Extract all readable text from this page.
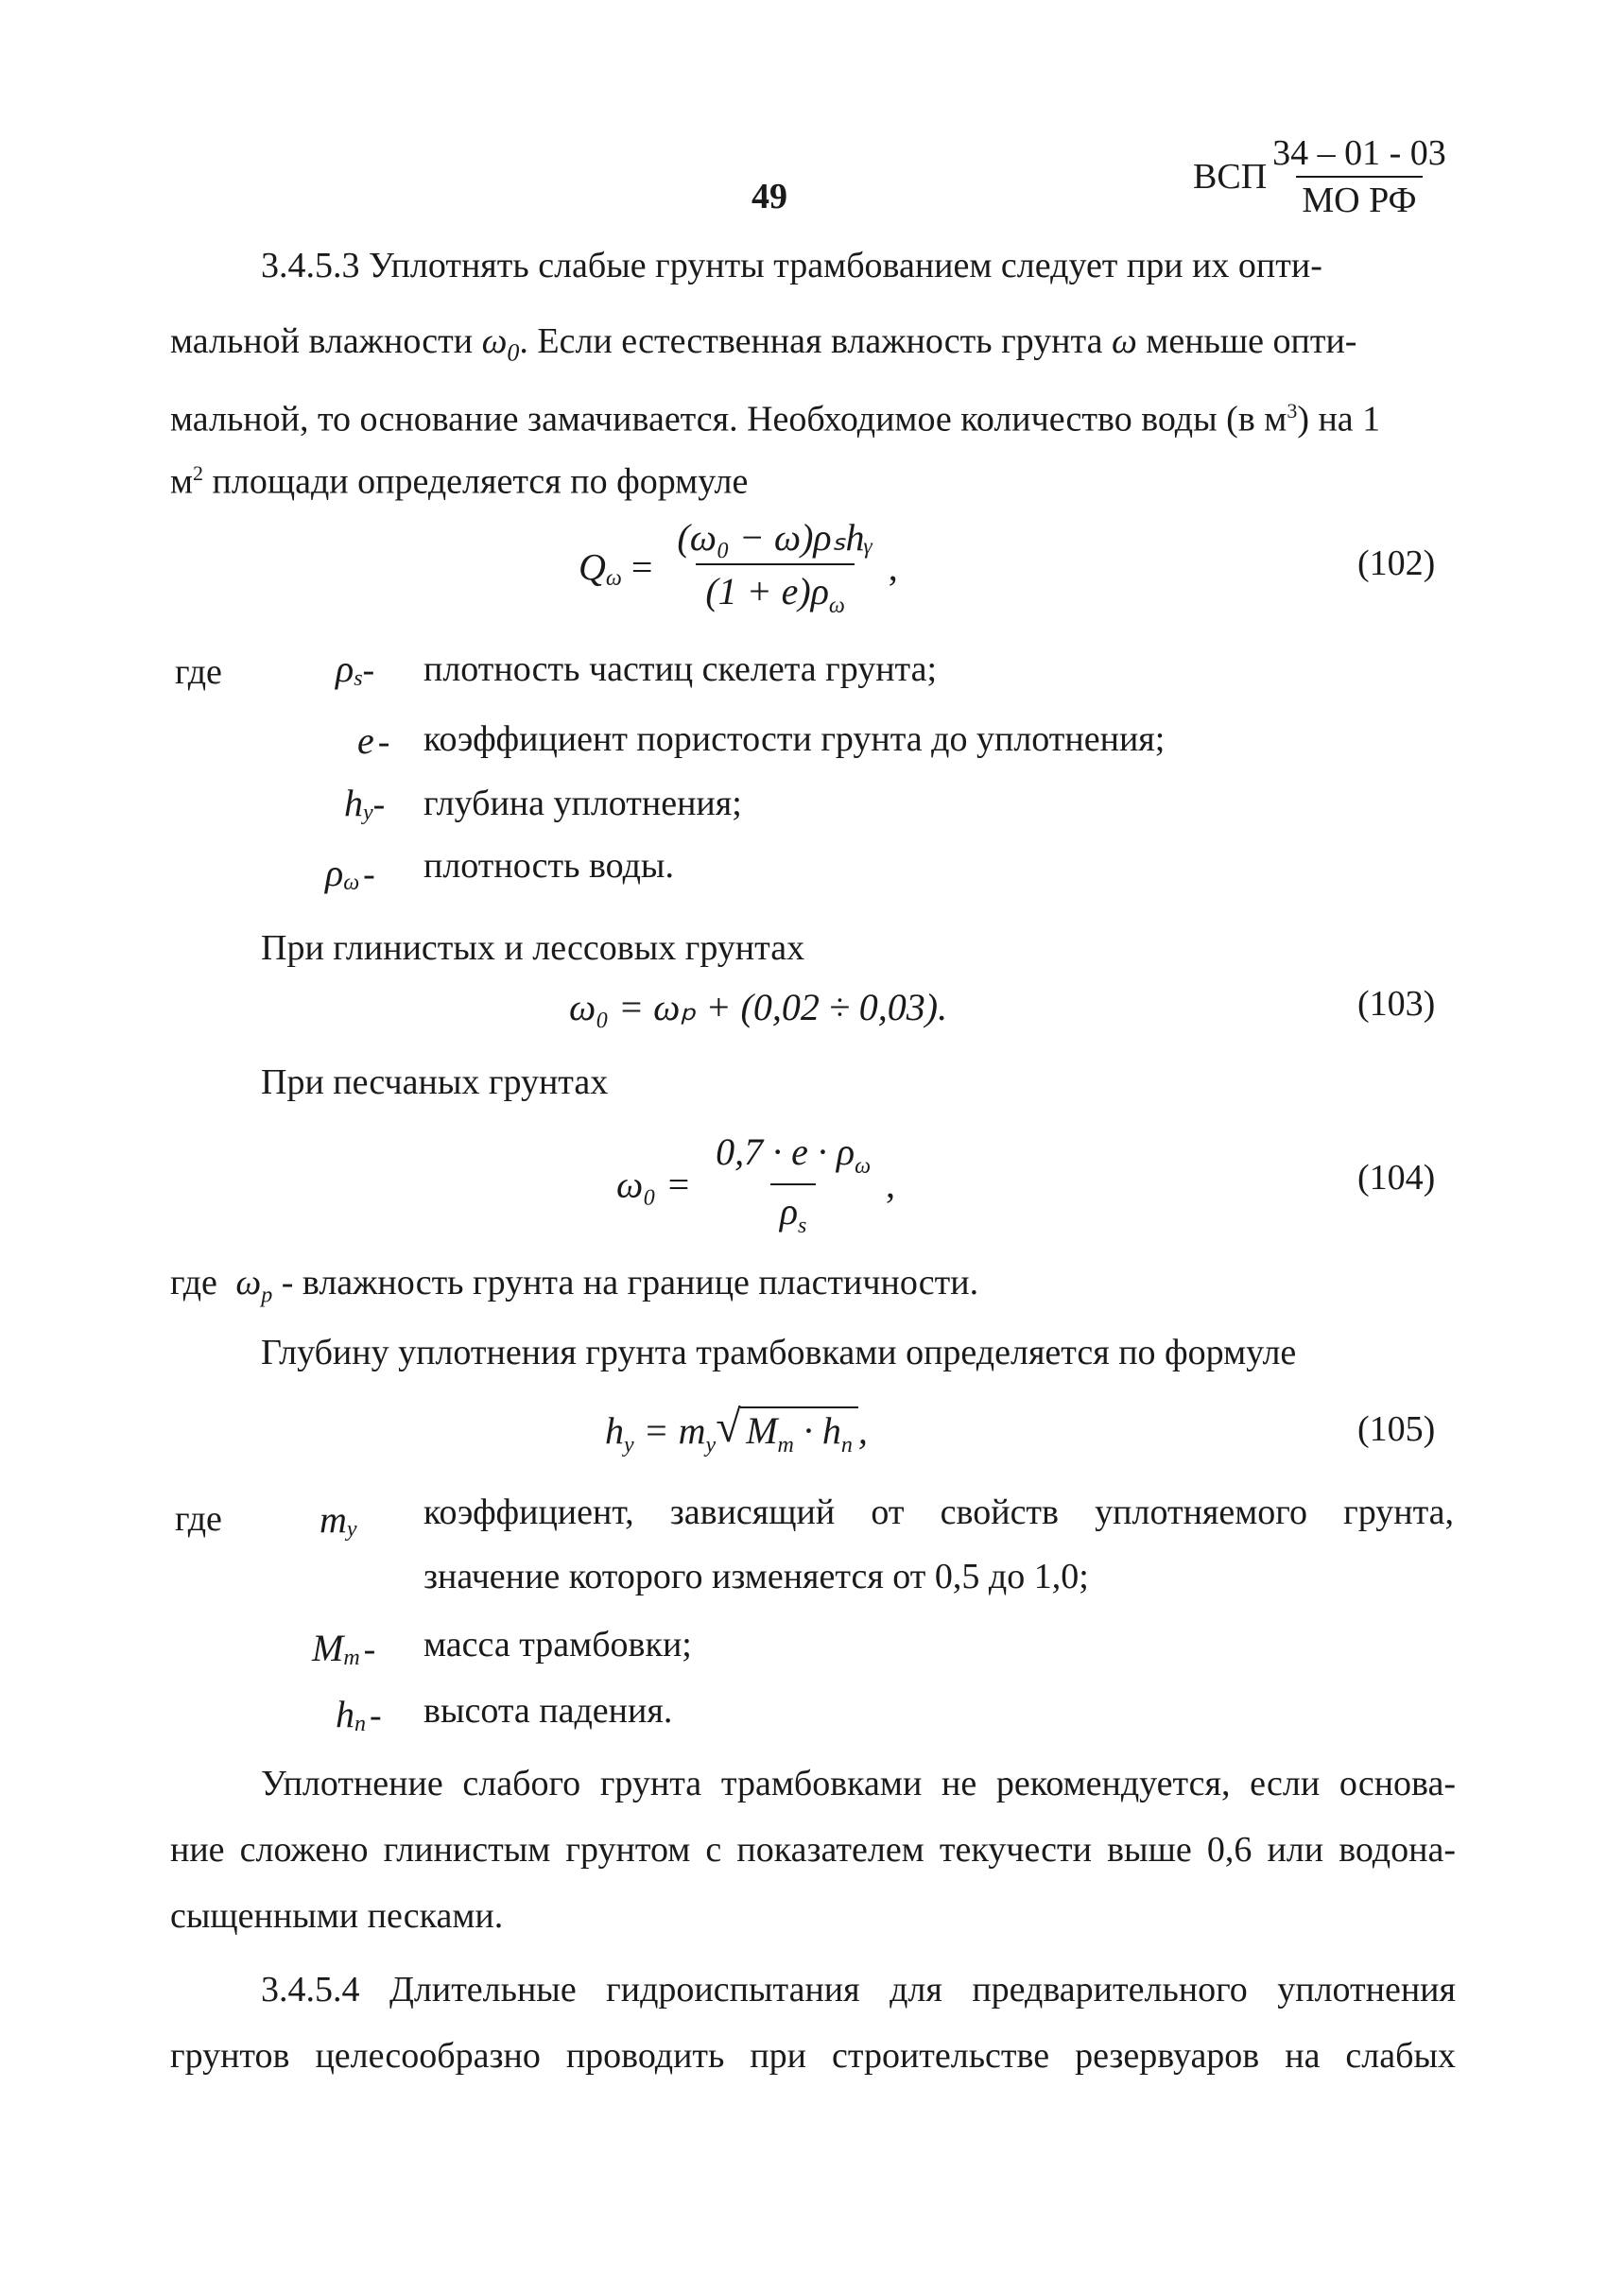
49	ВСП $\frac{34 - 01 - 03}{\text{МО РФ}}$
3.4.5.3 Уплотнять слабые грунты трамбованием следует при их опти-
мальной влажности $\omega_0$. Если естественная влажность грунта ω меньше опти-
мальной, то основание замачивается. Необходимое количество воды (в $м^3$) на 1
$м^2$ площади определяется по формуле
$Q_\omega = \frac{\text{(ω₀ − ω)ρₛhᵧ}}{(1 + e)\rho_\omega}$ ,	(102)
где	$\rho_s-$ плотность частиц скелета грунта;
e - коэффициент пористости грунта до уплотнения;
$h_y-$ глубина уплотнения;
$\rho_\omega$ - плотность воды.
При глинистых и лессовых грунтах
ω₀ = ωₚ + (0,02 ÷ 0,03).	(103)
При песчаных грунтах
$\omega_0 = \frac{0,7 \cdot e \cdot \rho_\omega}{\rho_s}$ ,	(104)
где $\omega_p$ - влажность грунта на границе пластичности.
Глубину уплотнения грунта трамбовками определяется по формуле
$h_y = m_y$ √ $M_m \cdot h_n$ ,	(105)
где	$m_y$ коэффициент, зависящий от свойств уплотняемого грунта,
значение которого изменяется от 0,5 до 1,0;
$M_m$ - масса трамбовки;
$h_n$ - высота падения.
Уплотнение слабого грунта трамбовками не рекомендуется, если основа-
ние сложено глинистым грунтом с показателем текучести выше 0,6 или водона-
сыщенными песками.
3.4.5.4 Длительные гидроиспытания для предварительного уплотнения
грунтов целесообразно проводить при строительстве резервуаров на слабых
